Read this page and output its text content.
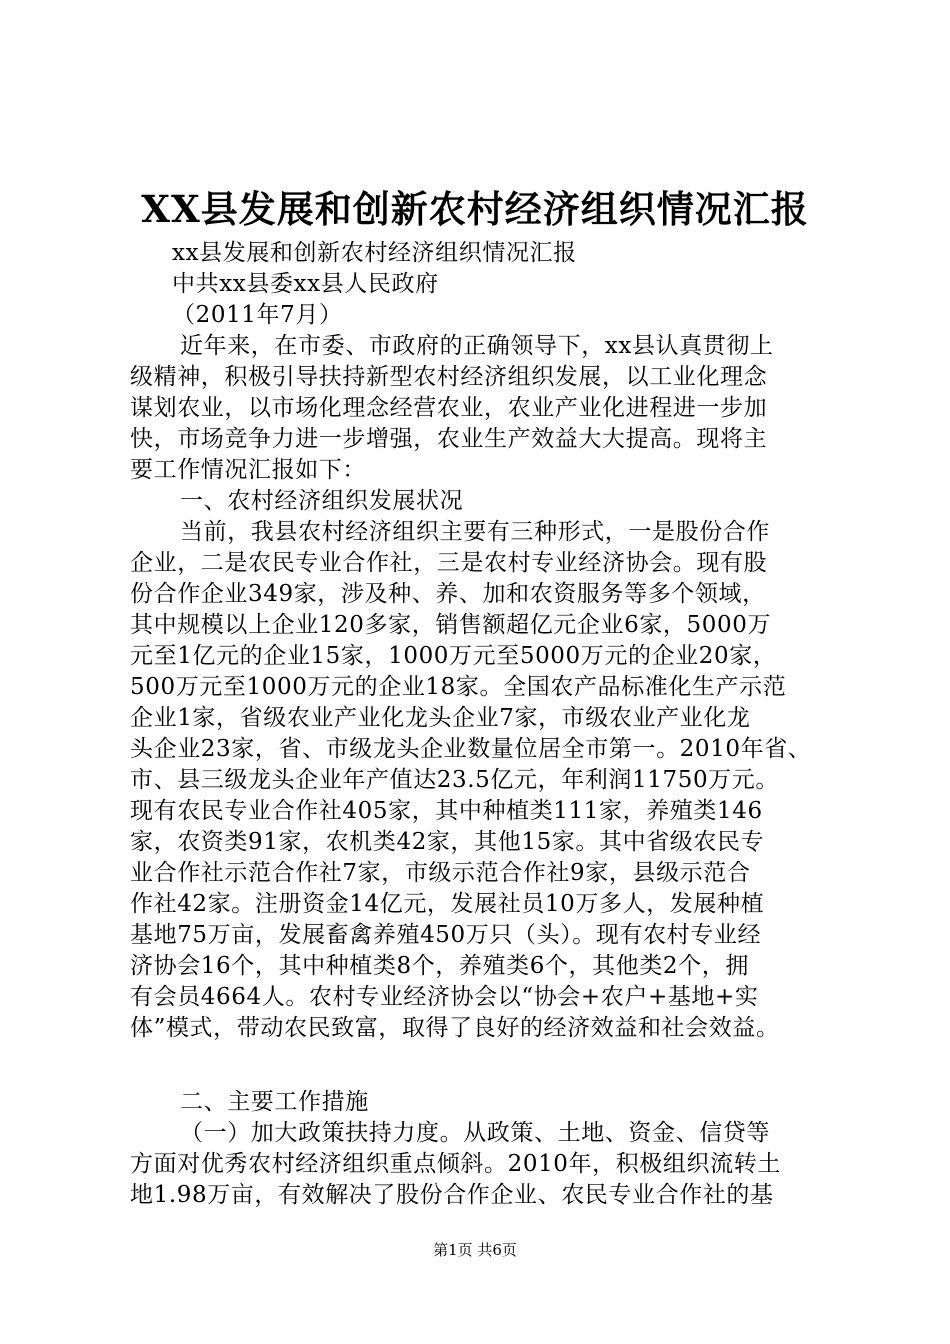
XX县发展和创新农村经济组织情况汇报
xx县发展和创新农村经济组织情况汇报
中共xx县委xx县人民政府
（2011年7月）
近年来，在市委、市政府的正确领导下，xx县认真贯彻上
级精神，积极引导扶持新型农村经济组织发展，以工业化理念
谋划农业，以市场化理念经营农业，农业产业化进程进一步加
快，市场竞争力进一步增强，农业生产效益大大提高。现将主
要工作情况汇报如下：
一、农村经济组织发展状况
当前，我县农村经济组织主要有三种形式，一是股份合作
企业，二是农民专业合作社，三是农村专业经济协会。现有股
份合作企业349家，涉及种、养、加和农资服务等多个领域，
其中规模以上企业120多家，销售额超亿元企业6家，5000万
元至1亿元的企业15家，1000万元至5000万元的企业20家，
500万元至1000万元的企业18家。全国农产品标准化生产示范
企业1家，省级农业产业化龙头企业7家，市级农业产业化龙
头企业23家，省、市级龙头企业数量位居全市第一。2010年省、
市、县三级龙头企业年产值达23.5亿元，年利润11750万元。
现有农民专业合作社405家，其中种植类111家，养殖类146
家，农资类91家，农机类42家，其他15家。其中省级农民专
业合作社示范合作社7家，市级示范合作社9家，县级示范合
作社42家。注册资金14亿元，发展社员10万多人，发展种植
基地75万亩，发展畜禽养殖450万只（头）。现有农村专业经
济协会16个，其中种植类8个，养殖类6个，其他类2个，拥
有会员4664人。农村专业经济协会以“协会+农户+基地+实
体”模式，带动农民致富，取得了良好的经济效益和社会效益。
二、主要工作措施
（一）加大政策扶持力度。从政策、土地、资金、信贷等
方面对优秀农村经济组织重点倾斜。2010年，积极组织流转土
地1.98万亩，有效解决了股份合作企业、农民专业合作社的基
第1页 共6页
